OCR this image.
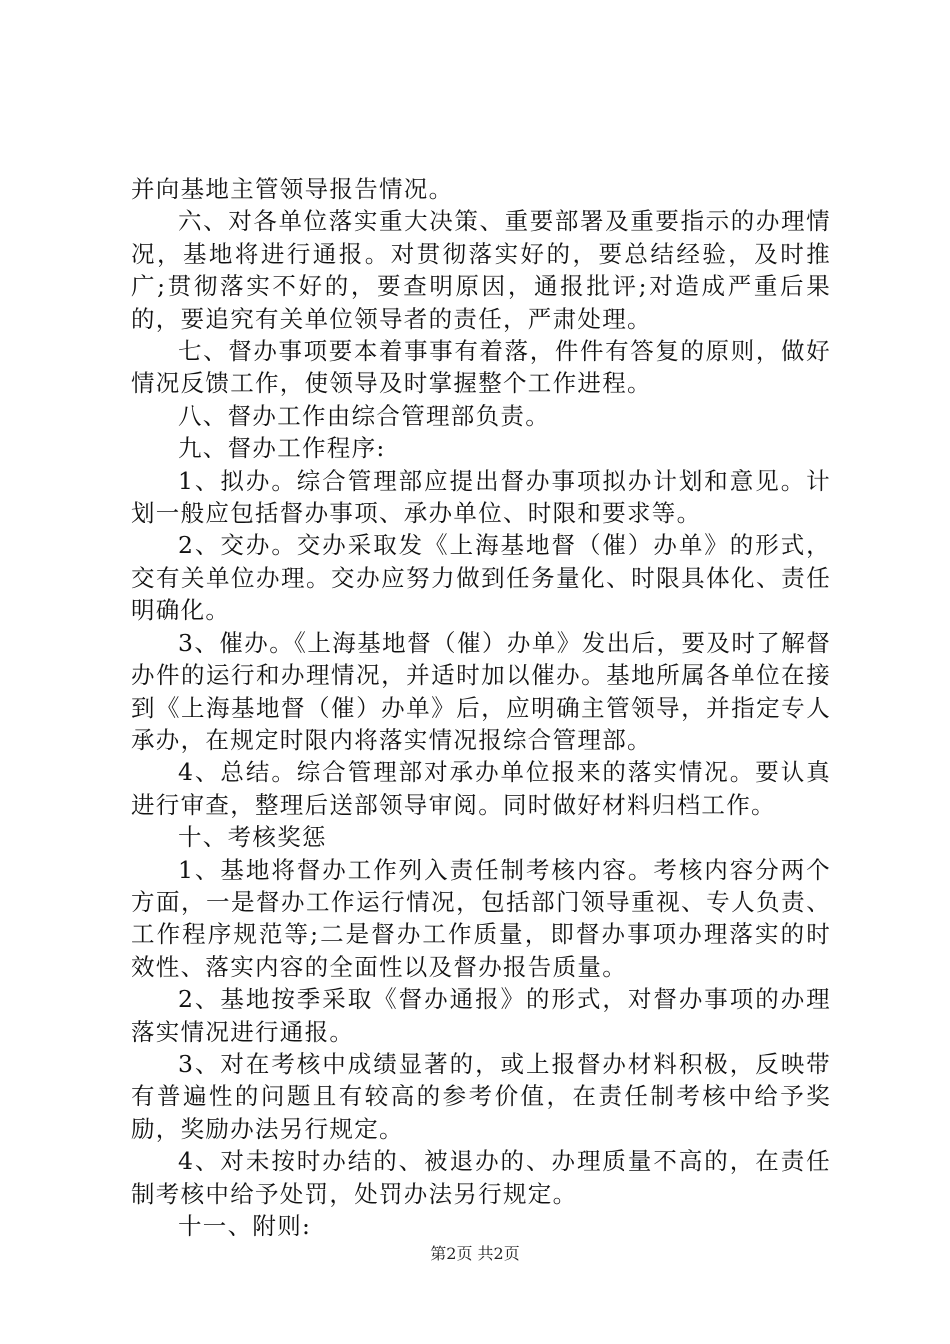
并向基地主管领导报告情况。

六、对各单位落实重大决策、重要部署及重要指示的办理情况，基地将进行通报。对贯彻落实好的，要总结经验，及时推广;贯彻落实不好的，要查明原因，通报批评;对造成严重后果的，要追究有关单位领导者的责任，严肃处理。

七、督办事项要本着事事有着落，件件有答复的原则，做好情况反馈工作，使领导及时掌握整个工作进程。

八、督办工作由综合管理部负责。

九、督办工作程序:

1、拟办。综合管理部应提出督办事项拟办计划和意见。计划一般应包括督办事项、承办单位、时限和要求等。

2、交办。交办采取发《上海基地督（催）办单》的形式，交有关单位办理。交办应努力做到任务量化、时限具体化、责任明确化。

3、催办。《上海基地督（催）办单》发出后，要及时了解督办件的运行和办理情况，并适时加以催办。基地所属各单位在接到《上海基地督（催）办单》后，应明确主管领导，并指定专人承办，在规定时限内将落实情况报综合管理部。

4、总结。综合管理部对承办单位报来的落实情况。要认真进行审查，整理后送部领导审阅。同时做好材料归档工作。

十、考核奖惩

1、基地将督办工作列入责任制考核内容。考核内容分两个方面，一是督办工作运行情况，包括部门领导重视、专人负责、工作程序规范等;二是督办工作质量，即督办事项办理落实的时效性、落实内容的全面性以及督办报告质量。

2、基地按季采取《督办通报》的形式，对督办事项的办理落实情况进行通报。

3、对在考核中成绩显著的，或上报督办材料积极，反映带有普遍性的问题且有较高的参考价值，在责任制考核中给予奖励，奖励办法另行规定。

4、对未按时办结的、被退办的、办理质量不高的，在责任制考核中给予处罚，处罚办法另行规定。

十一、附则:

第2页 共2页
